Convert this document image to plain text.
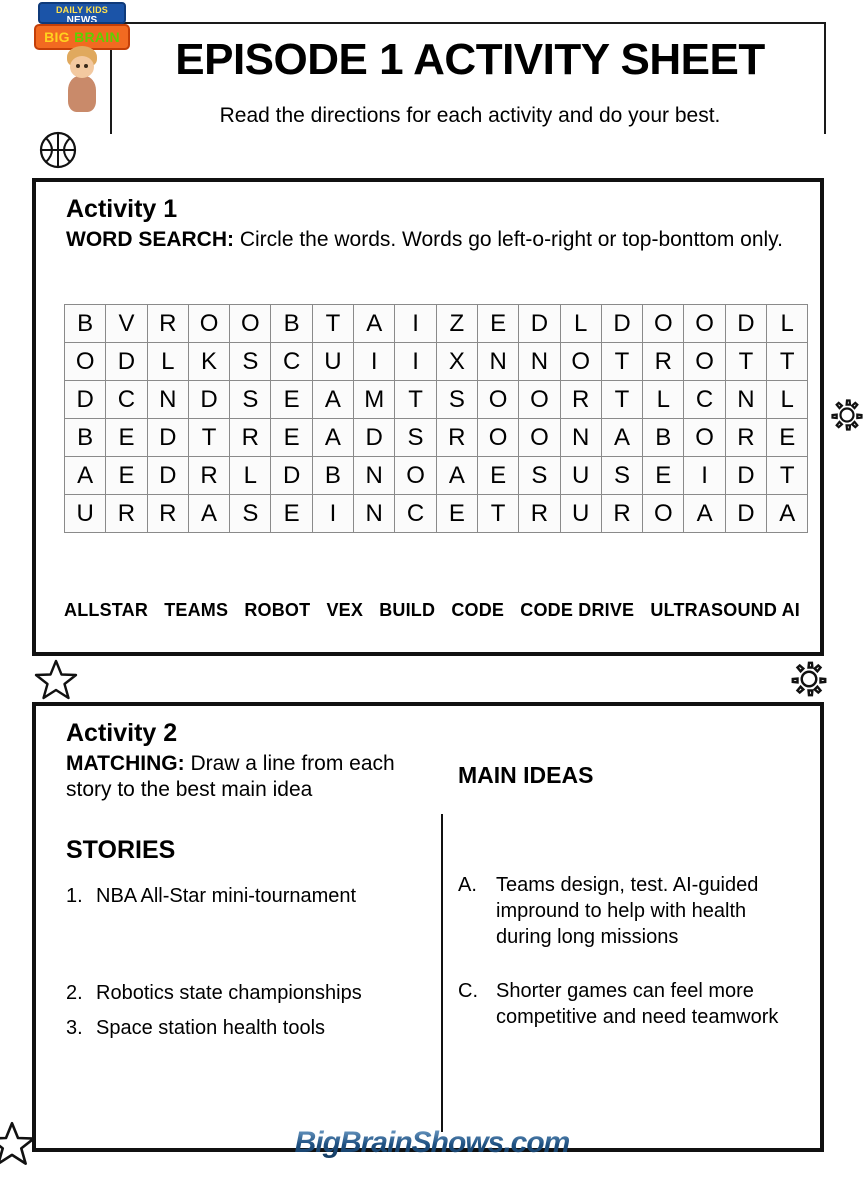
DAILY KIDS
NEWS
BIG BRAIN	EPISODE 1 ACTIVITY SHEET
Read the directions for each activity and do your best.
Activity 1
WORD SEARCH: Circle the words. Words go left-o-right or top-bonttom only.
B	V	R	O	O	B	T	A	I	Z	E	D	L	D	O	O	D	L
O	D	L	K	S	C	U	I	I	X	N	N	O	T	R	O	T	T
D	C	N	D	S	E	A	M	T	S	O	O	R	T	L	C	N	L
B	E	D	T	R	E	A	D	S	R	O	O	N	A	B	O	R	E
A	E	D	R	L	D	B	N	O	A	E	S	U	S	E	I	D	T
U	R	R	A	S	E	I	N	C	E	T	R	U	R	O	A	D	A
ALLSTAR TEAMS ROBOT VEX BUILD CODE CODE DRIVE ULTRASOUND AI
Activity 2
MATCHING: Draw a line from each story to the best main idea
STORIES
1. NBA All-Star mini-tournament
2. Robotics state championships
3. Space station health tools
MAIN IDEAS
A. Teams design, test. AI-guided impround to help with health during long missions
C. Shorter games can feel more competitive and need teamwork
BigBrainShows.com
